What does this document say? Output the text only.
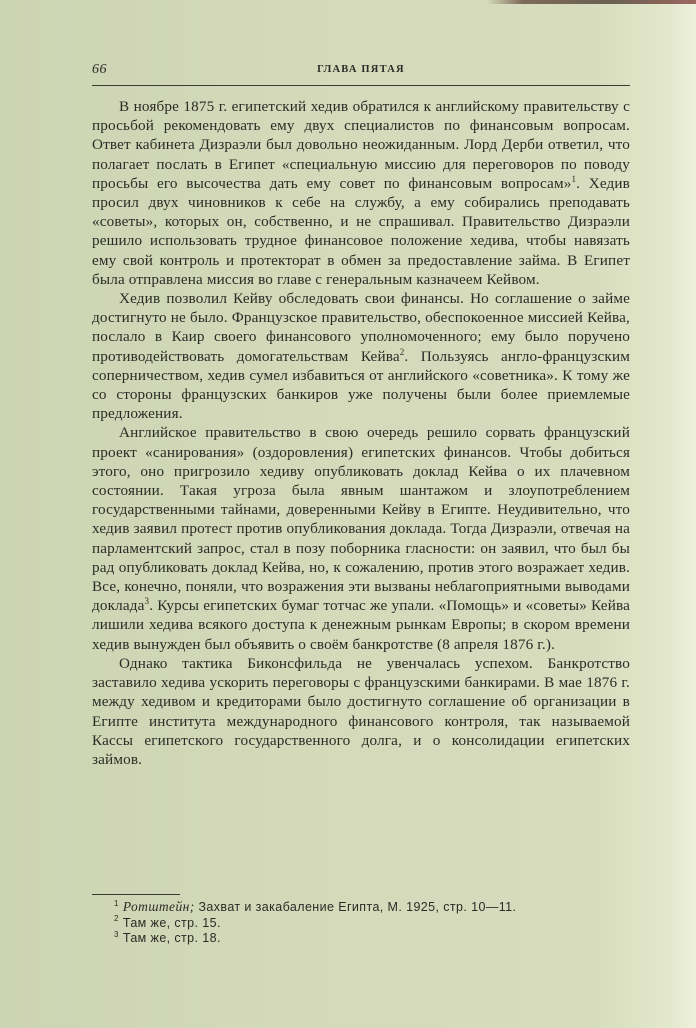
66	ГЛАВА ПЯТАЯ

В ноябре 1875 г. египетский хедив обратился к английскому правительству с просьбой рекомендовать ему двух специалистов по финансовым вопросам. Ответ кабинета Дизраэли был довольно неожиданным. Лорд Дерби ответил, что полагает послать в Египет «специальную миссию для переговоров по поводу просьбы его высочества дать ему совет по финансовым вопросам»$^1$. Хедив просил двух чиновников к себе на службу, а ему собирались преподавать «советы», которых он, собственно, и не спрашивал. Правительство Дизраэли решило использовать трудное финансовое положение хедива, чтобы навязать ему свой контроль и протекторат в обмен за предоставление займа. В Египет была отправлена миссия во главе с генеральным казначеем Кейвом.

Хедив позволил Кейву обследовать свои финансы. Но соглашение о займе достигнуто не было. Французское правительство, обеспокоенное миссией Кейва, послало в Каир своего финансового уполномоченного; ему было поручено противодействовать домогательствам Кейва$^2$. Пользуясь англо-французским соперничеством, хедив сумел избавиться от английского «советника». К тому же со стороны французских банкиров уже получены были более приемлемые предложения.

Английское правительство в свою очередь решило сорвать французский проект «санирования» (оздоровления) египетских финансов. Чтобы добиться этого, оно пригрозило хедиву опубликовать доклад Кейва о их плачевном состоянии. Такая угроза была явным шантажом и злоупотреблением государственными тайнами, доверенными Кейву в Египте. Неудивительно, что хедив заявил протест против опубликования доклада. Тогда Дизраэли, отвечая на парламентский запрос, стал в позу поборника гласности: он заявил, что был бы рад опубликовать доклад Кейва, но, к сожалению, против этого возражает хедив. Все, конечно, поняли, что возражения эти вызваны неблагоприятными выводами доклада$^3$. Курсы египетских бумаг тотчас же упали. «Помощь» и «советы» Кейва лишили хедива всякого доступа к денежным рынкам Европы; в скором времени хедив вынужден был объявить о своём банкротстве (8 апреля 1876 г.).

Однако тактика Биконсфильда не увенчалась успехом. Банкротство заставило хедива ускорить переговоры с французскими банкирами. В мае 1876 г. между хедивом и кредиторами было достигнуто соглашение об организации в Египте института международного финансового контроля, так называемой Кассы египетского государственного долга, и о консолидации египетских займов.

$^1$ Ротштейн; Захват и закабаление Египта, М. 1925, стр. 10—11.
$^2$ Там же, стр. 15.
$^3$ Там же, стр. 18.
